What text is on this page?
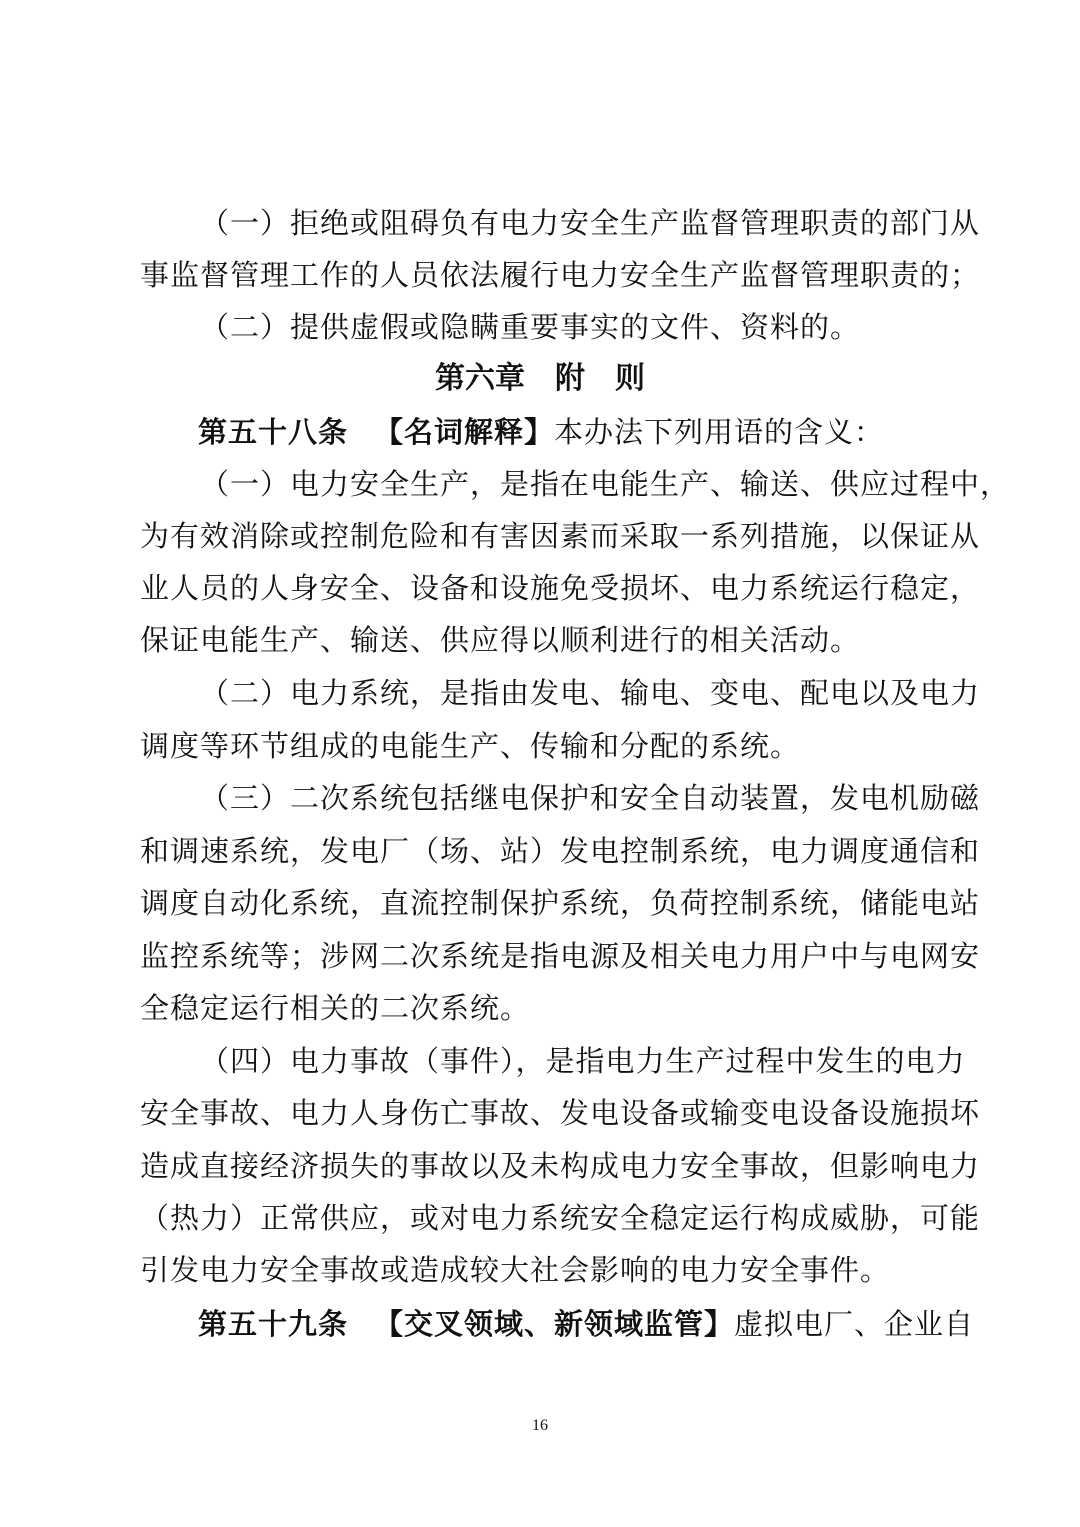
（一）拒绝或阻碍负有电力安全生产监督管理职责的部门从
事监督管理工作的人员依法履行电力安全生产监督管理职责的；
（二）提供虚假或隐瞒重要事实的文件、资料的。
第六章 附　则
第五十八条 【名词解释】本办法下列用语的含义：
（一）电力安全生产，是指在电能生产、输送、供应过程中，
为有效消除或控制危险和有害因素而采取一系列措施，以保证从
业人员的人身安全、设备和设施免受损坏、电力系统运行稳定，
保证电能生产、输送、供应得以顺利进行的相关活动。
（二）电力系统，是指由发电、输电、变电、配电以及电力
调度等环节组成的电能生产、传输和分配的系统。
（三）二次系统包括继电保护和安全自动装置，发电机励磁
和调速系统，发电厂（场、站）发电控制系统，电力调度通信和
调度自动化系统，直流控制保护系统，负荷控制系统，储能电站
监控系统等；涉网二次系统是指电源及相关电力用户中与电网安
全稳定运行相关的二次系统。
（四）电力事故（事件），是指电力生产过程中发生的电力
安全事故、电力人身伤亡事故、发电设备或输变电设备设施损坏
造成直接经济损失的事故以及未构成电力安全事故，但影响电力
（热力）正常供应，或对电力系统安全稳定运行构成威胁，可能
引发电力安全事故或造成较大社会影响的电力安全事件。
第五十九条 【交叉领域、新领域监管】虚拟电厂、企业自
16
